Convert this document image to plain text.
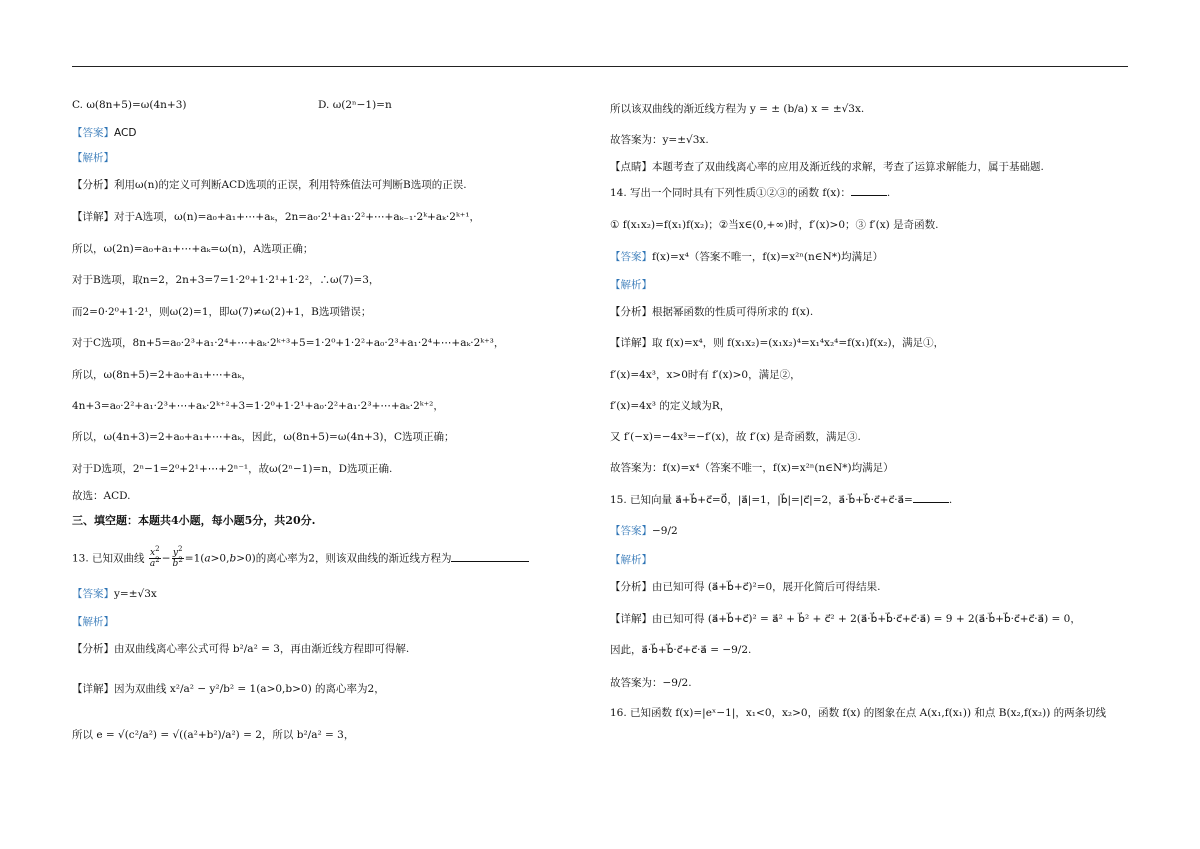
C. ω(8n+5)=ω(4n+3)	D. ω(2ⁿ−1)=n
【答案】ACD
【解析】
【分析】利用ω(n)的定义可判断ACD选项的正误，利用特殊值法可判断B选项的正误.
【详解】对于A选项，ω(n)=a₀+a₁+⋯+aₖ，2n=a₀·2¹+a₁·2²+⋯+aₖ₋₁·2ᵏ+aₖ·2ᵏ⁺¹，
所以，ω(2n)=a₀+a₁+⋯+aₖ=ω(n)，A选项正确；
对于B选项，取n=2，2n+3=7=1·2⁰+1·2¹+1·2²，∴ω(7)=3，
而2=0·2⁰+1·2¹，则ω(2)=1，即ω(7)≠ω(2)+1，B选项错误；
对于C选项，8n+5=a₀·2³+a₁·2⁴+⋯+aₖ·2ᵏ⁺³+5=1·2⁰+1·2²+a₀·2³+a₁·2⁴+⋯+aₖ·2ᵏ⁺³，
所以，ω(8n+5)=2+a₀+a₁+⋯+aₖ，
4n+3=a₀·2²+a₁·2³+⋯+aₖ·2ᵏ⁺²+3=1·2⁰+1·2¹+a₀·2²+a₁·2³+⋯+aₖ·2ᵏ⁺²，
所以，ω(4n+3)=2+a₀+a₁+⋯+aₖ，因此，ω(8n+5)=ω(4n+3)，C选项正确；
对于D选项，2ⁿ−1=2⁰+2¹+⋯+2ⁿ⁻¹，故ω(2ⁿ−1)=n，D选项正确.
故选：ACD.
三、填空题：本题共4小题，每小题5分，共20分.
13. 已知双曲线 $\frac{x^2}{a^2} - \frac{y^2}{b^2} =1(a>0,b>0)$的离心率为2，则该双曲线的渐近线方程为
【答案】y=±√3x
【解析】
【分析】由双曲线离心率公式可得 b²/a² = 3，再由渐近线方程即可得解.
【详解】因为双曲线 x²/a² − y²/b² = 1(a>0,b>0) 的离心率为2，
所以 e = √(c²/a²) = √((a²+b²)/a²) = 2，所以 b²/a² = 3，
所以该双曲线的渐近线方程为 y = ± (b/a) x = ±√3x.
故答案为：y=±√3x.
【点睛】本题考查了双曲线离心率的应用及渐近线的求解，考查了运算求解能力，属于基础题.
14. 写出一个同时具有下列性质①②③的函数 f(x)：	.
① f(x₁x₂)=f(x₁)f(x₂)；②当x∈(0,+∞)时，f′(x)>0；③ f′(x) 是奇函数.
【答案】f(x)=x⁴（答案不唯一，f(x)=x²ⁿ(n∈N*)均满足）
【解析】
【分析】根据幂函数的性质可得所求的 f(x).
【详解】取 f(x)=x⁴，则 f(x₁x₂)=(x₁x₂)⁴=x₁⁴x₂⁴=f(x₁)f(x₂)，满足①，
f′(x)=4x³，x>0时有 f′(x)>0，满足②，
f′(x)=4x³ 的定义域为R，
又 f′(−x)=−4x³=−f′(x)，故 f′(x) 是奇函数，满足③.
故答案为：f(x)=x⁴（答案不唯一，f(x)=x²ⁿ(n∈N*)均满足）
15. 已知向量 a⃗+b⃗+c⃗=0⃗，|a⃗|=1，|b⃗|=|c⃗|=2，a⃗·b⃗+b⃗·c⃗+c⃗·a⃗=	.
【答案】−9/2
【解析】
【分析】由已知可得 (a⃗+b⃗+c⃗)²=0，展开化简后可得结果.
【详解】由已知可得 (a⃗+b⃗+c⃗)² = a⃗² + b⃗² + c⃗² + 2(a⃗·b⃗+b⃗·c⃗+c⃗·a⃗) = 9 + 2(a⃗·b⃗+b⃗·c⃗+c⃗·a⃗) = 0，
因此，a⃗·b⃗+b⃗·c⃗+c⃗·a⃗ = −9/2.
故答案为：−9/2.
16. 已知函数 f(x)=|eˣ−1|，x₁<0，x₂>0，函数 f(x) 的图象在点 A(x₁,f(x₁)) 和点 B(x₂,f(x₂)) 的两条切线
